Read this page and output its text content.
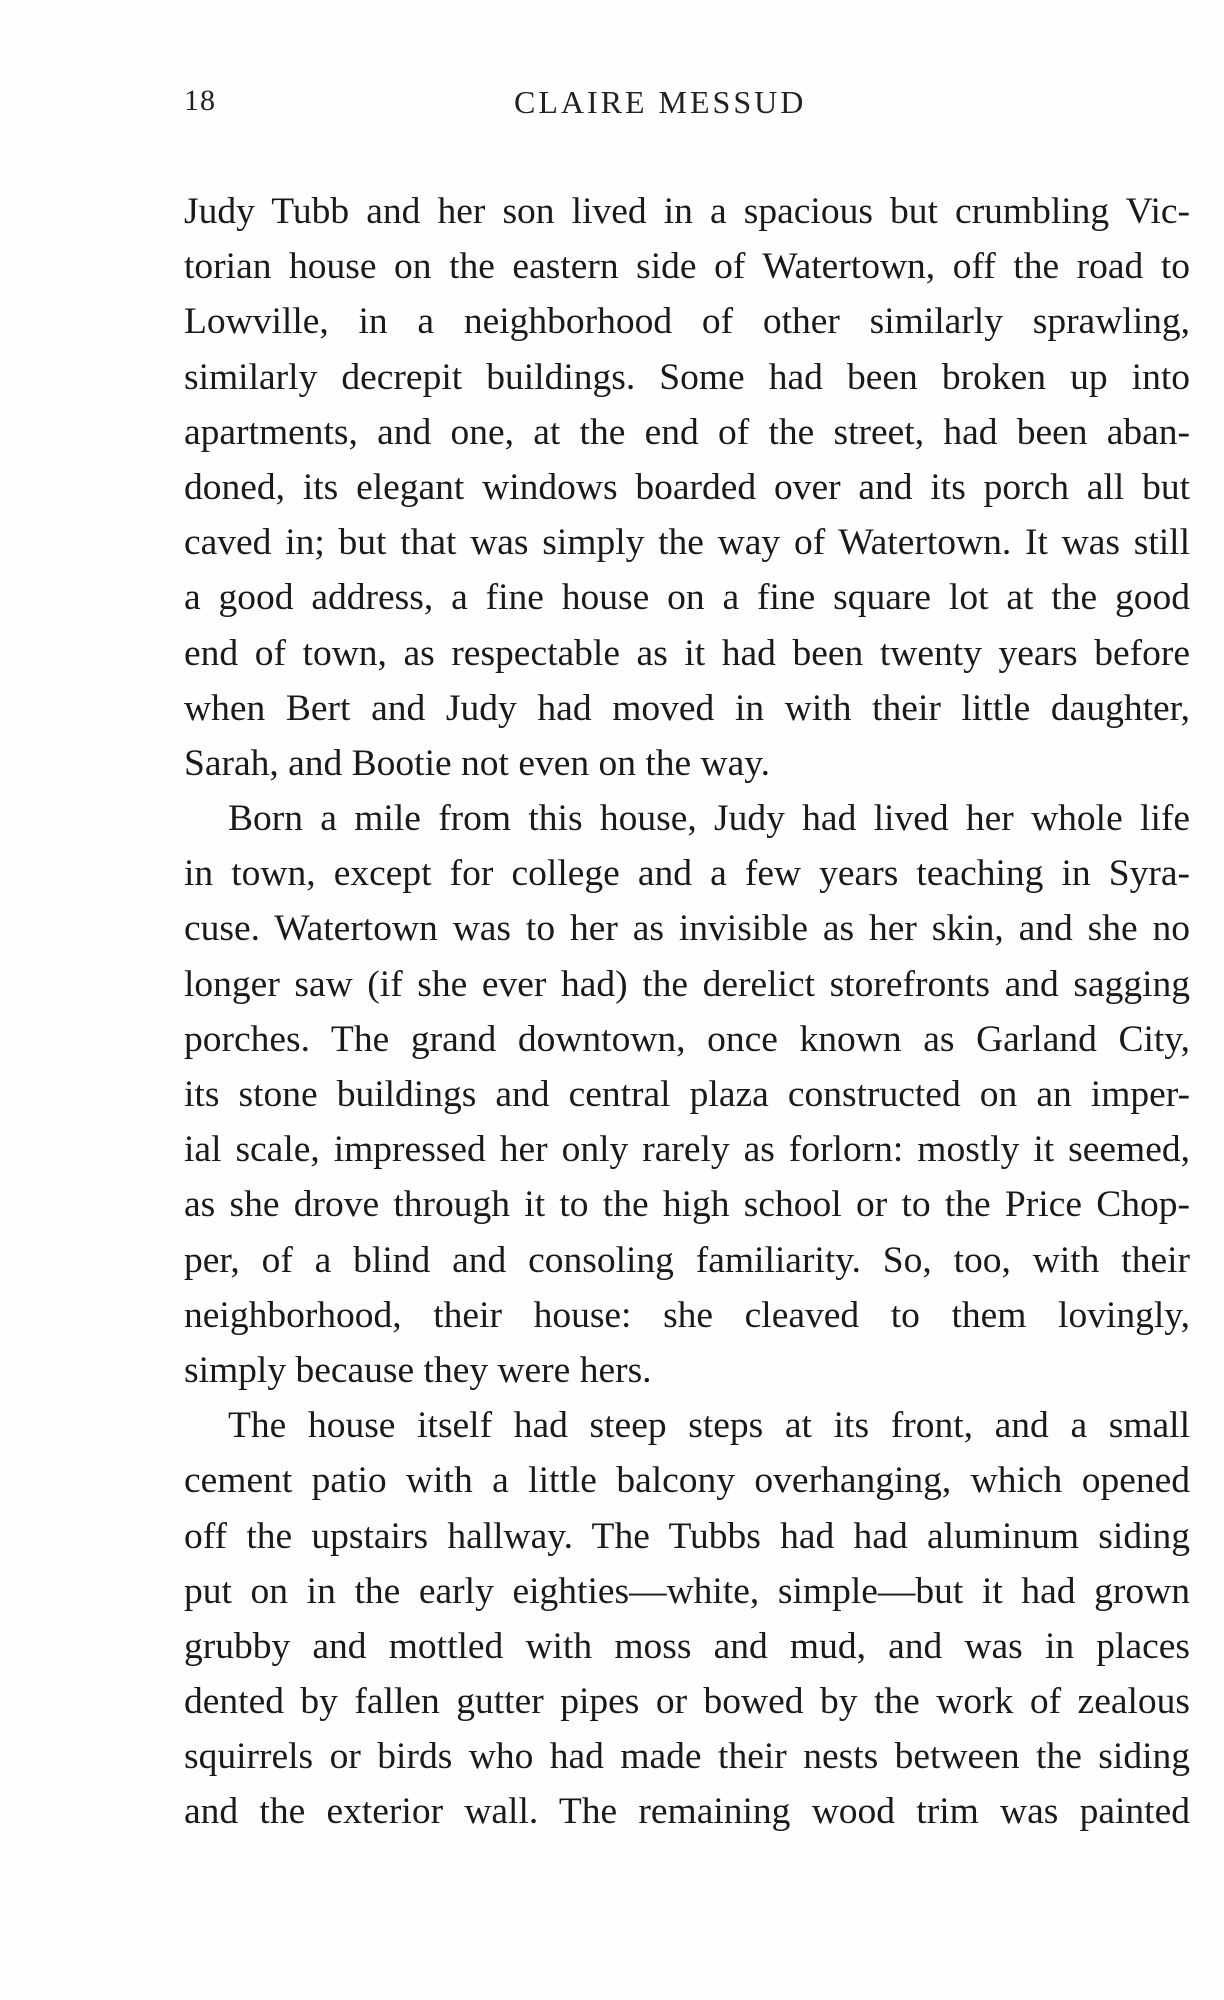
18	CLAIRE MESSUD
Judy Tubb and her son lived in a spacious but crumbling Vic-
torian house on the eastern side of Watertown, off the road to
Lowville, in a neighborhood of other similarly sprawling,
similarly decrepit buildings. Some had been broken up into
apartments, and one, at the end of the street, had been aban-
doned, its elegant windows boarded over and its porch all but
caved in; but that was simply the way of Watertown. It was still
a good address, a fine house on a fine square lot at the good
end of town, as respectable as it had been twenty years before
when Bert and Judy had moved in with their little daughter,
Sarah, and Bootie not even on the way.
Born a mile from this house, Judy had lived her whole life
in town, except for college and a few years teaching in Syra-
cuse. Watertown was to her as invisible as her skin, and she no
longer saw (if she ever had) the derelict storefronts and sagging
porches. The grand downtown, once known as Garland City,
its stone buildings and central plaza constructed on an imper-
ial scale, impressed her only rarely as forlorn: mostly it seemed,
as she drove through it to the high school or to the Price Chop-
per, of a blind and consoling familiarity. So, too, with their
neighborhood, their house: she cleaved to them lovingly,
simply because they were hers.
The house itself had steep steps at its front, and a small
cement patio with a little balcony overhanging, which opened
off the upstairs hallway. The Tubbs had had aluminum siding
put on in the early eighties—white, simple—but it had grown
grubby and mottled with moss and mud, and was in places
dented by fallen gutter pipes or bowed by the work of zealous
squirrels or birds who had made their nests between the siding
and the exterior wall. The remaining wood trim was painted
